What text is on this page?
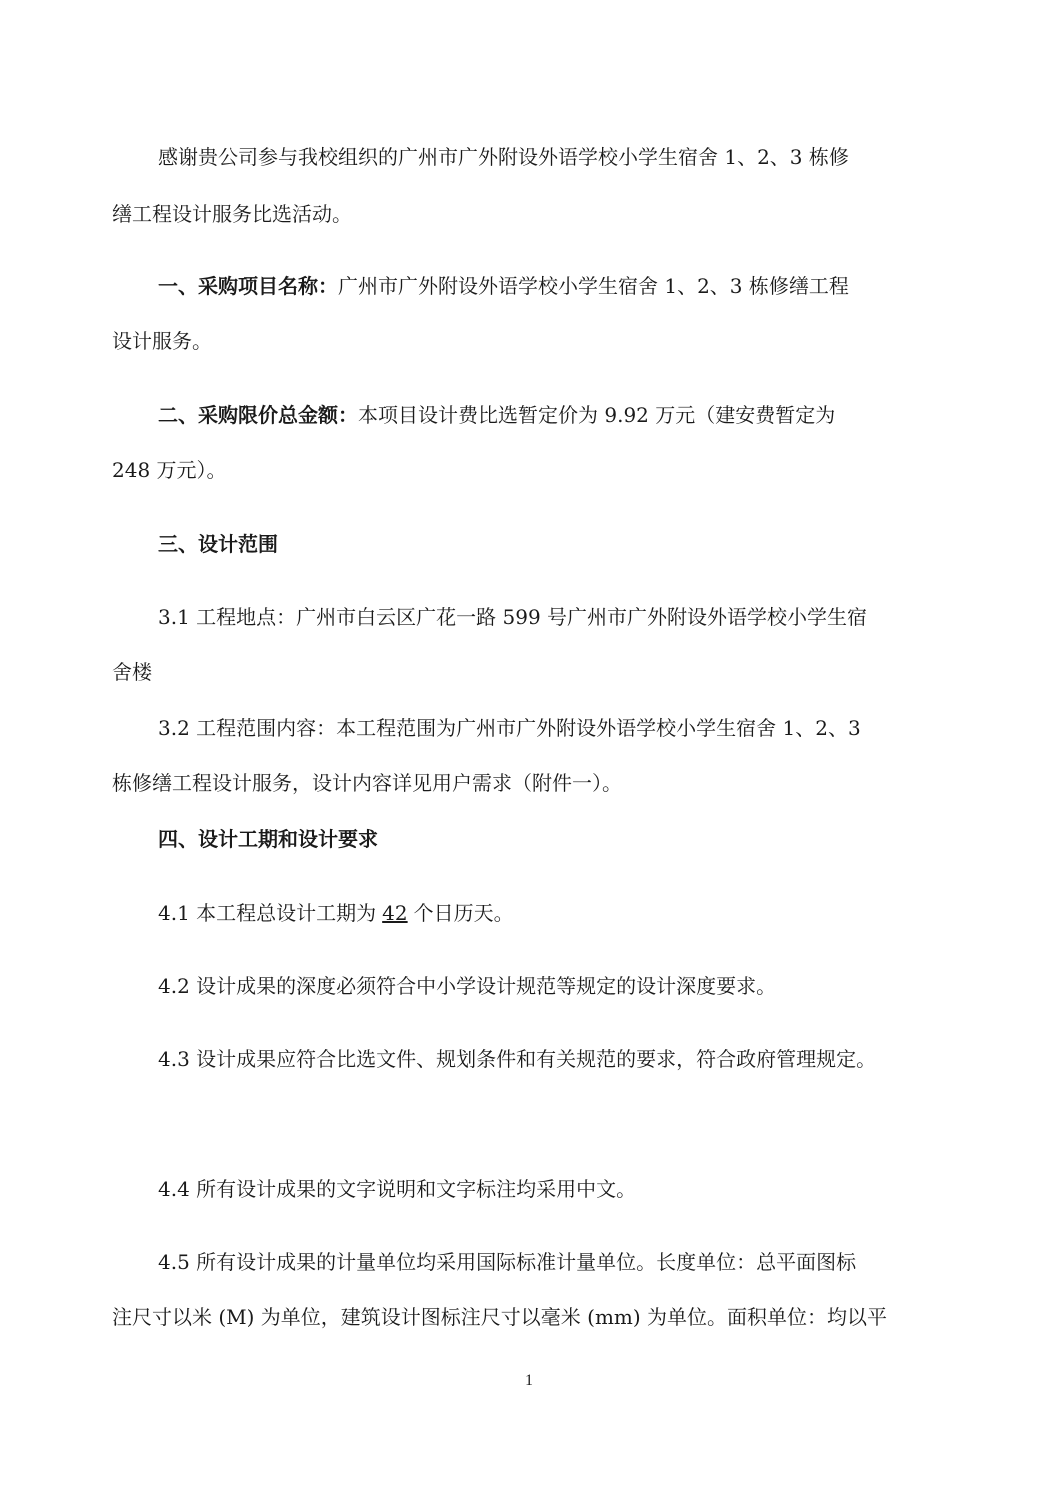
感谢贵公司参与我校组织的广州市广外附设外语学校小学生宿舍 1、2、3 栋修
缮工程设计服务比选活动。
一、采购项目名称：广州市广外附设外语学校小学生宿舍 1、2、3 栋修缮工程
设计服务。
二、采购限价总金额：本项目设计费比选暂定价为 9.92 万元（建安费暂定为
248 万元）。
三、设计范围
3.1 工程地点：广州市白云区广花一路 599 号广州市广外附设外语学校小学生宿
舍楼
3.2 工程范围内容：本工程范围为广州市广外附设外语学校小学生宿舍 1、2、3
栋修缮工程设计服务，设计内容详见用户需求（附件一）。
四、设计工期和设计要求
4.1 本工程总设计工期为 42 个日历天。
4.2 设计成果的深度必须符合中小学设计规范等规定的设计深度要求。
4.3 设计成果应符合比选文件、规划条件和有关规范的要求，符合政府管理规定。
4.4 所有设计成果的文字说明和文字标注均采用中文。
4.5 所有设计成果的计量单位均采用国际标准计量单位。长度单位：总平面图标
注尺寸以米 (M) 为单位，建筑设计图标注尺寸以毫米 (mm) 为单位。面积单位：均以平
1
